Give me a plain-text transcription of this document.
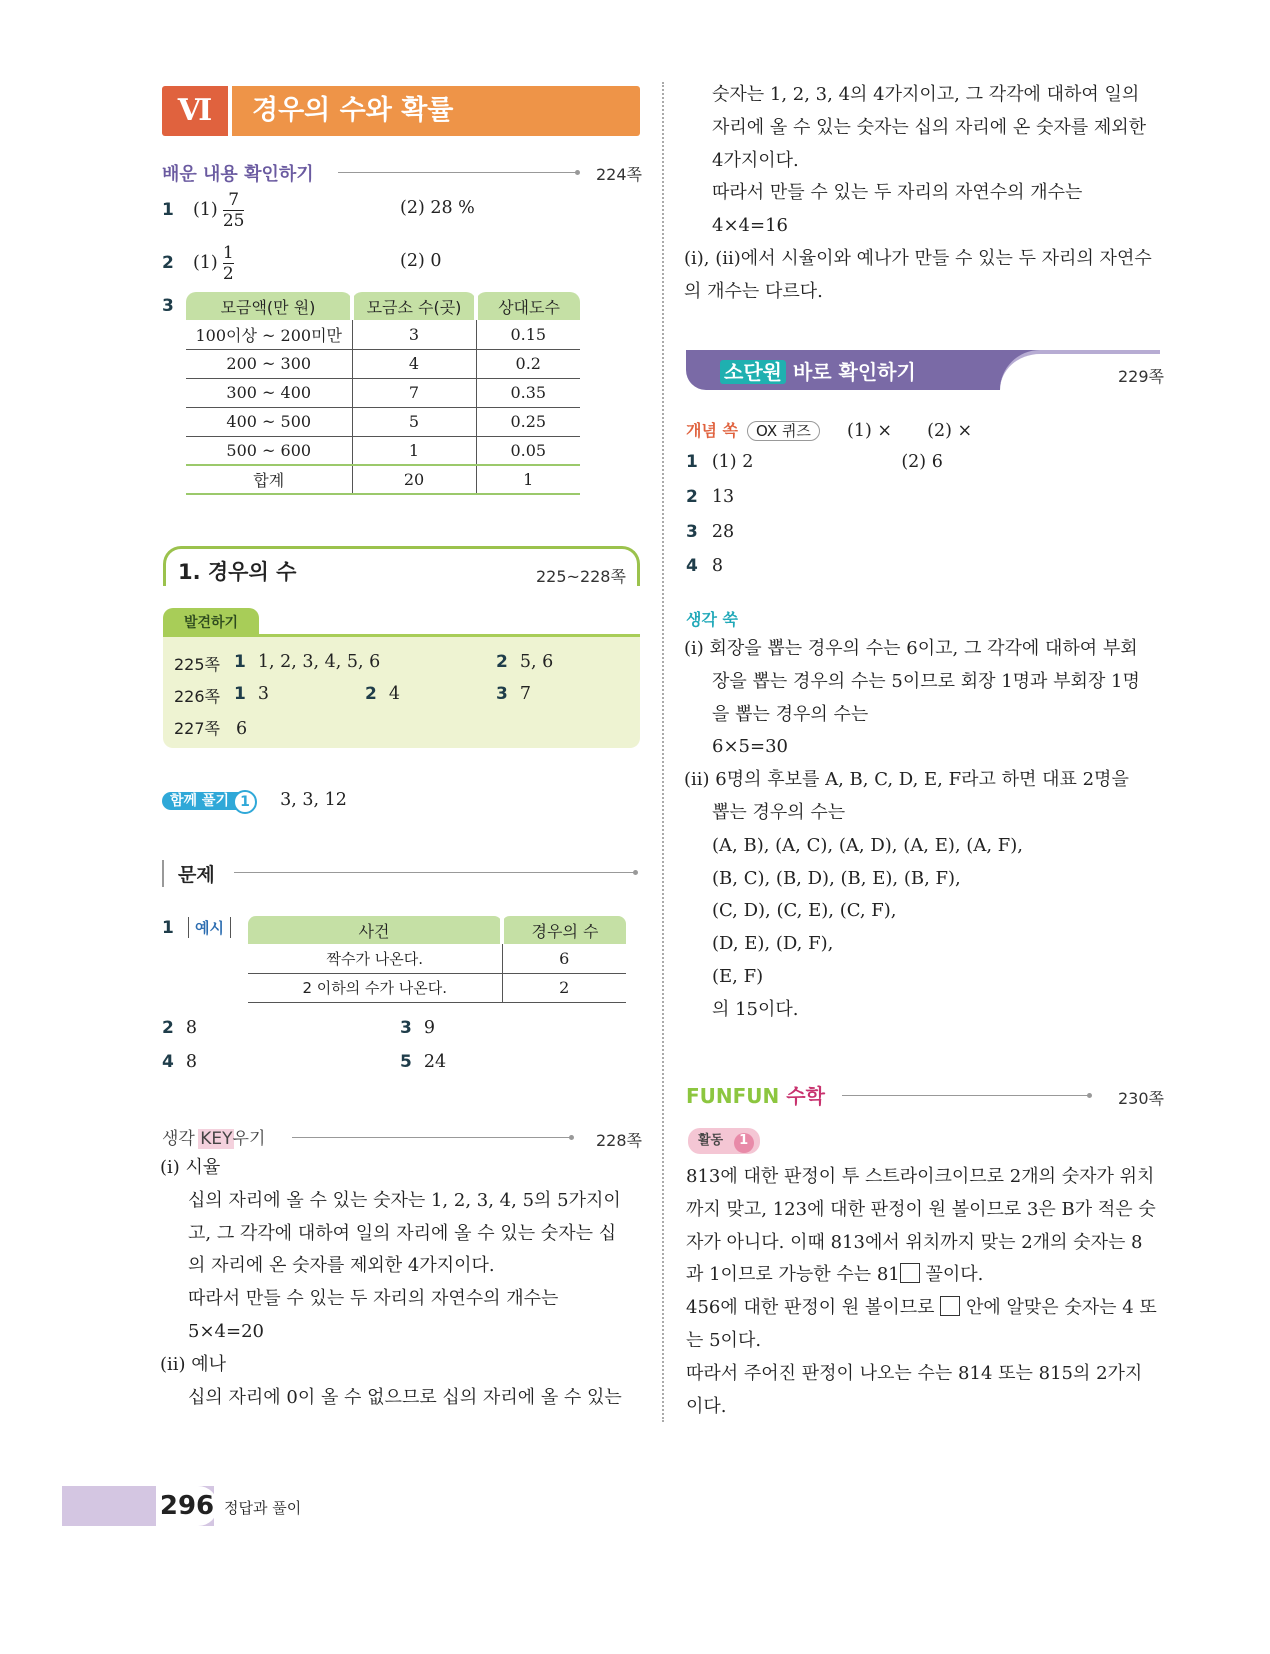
Ⅵ	경우의 수와 확률
배운 내용 확인하기	224쪽
1 $(1) \frac{7}{25}$	(2) 28 %
2 $(1) \frac{1}{2}$	(2) 0
3	모금액(만 원)	모금소 수(곳)	상대도수
100이상 ~ 200미만	3	0.15
200 ~ 300	4	0.2
300 ~ 400	7	0.35
400 ~ 500	5	0.25
500 ~ 600	1	0.05
합계	20	1
1. 경우의 수	225~228쪽
발견하기
225쪽 1 1, 2, 3, 4, 5, 6	2 5, 6
226쪽 1 3	2 4	3 7
227쪽 6
함께 풀기 1	3, 3, 12
문제
1	예시	사건	경우의 수
짝수가 나온다.	6
2 이하의 수가 나온다.	2
2 8	3 9
4 8	5 24
생각 KEY우기	228쪽
(i) 시율
십의 자리에 올 수 있는 숫자는 1, 2, 3, 4, 5의 5가지이
고, 그 각각에 대하여 일의 자리에 올 수 있는 숫자는 십
의 자리에 온 숫자를 제외한 4가지이다.
따라서 만들 수 있는 두 자리의 자연수의 개수는
5×4=20
(ii) 예나
십의 자리에 0이 올 수 없으므로 십의 자리에 올 수 있는
숫자는 1, 2, 3, 4의 4가지이고, 그 각각에 대하여 일의
자리에 올 수 있는 숫자는 십의 자리에 온 숫자를 제외한
4가지이다.
따라서 만들 수 있는 두 자리의 자연수의 개수는
4×4=16
(i), (ii)에서 시율이와 예나가 만들 수 있는 두 자리의 자연수
의 개수는 다르다.
소단원 바로 확인하기	229쪽
개념 쏙 OX 퀴즈 (1) × (2) ×
1 (1) 2	(2) 6
2 13
3 28
4 8
생각 쑥
(i) 회장을 뽑는 경우의 수는 6이고, 그 각각에 대하여 부회
장을 뽑는 경우의 수는 5이므로 회장 1명과 부회장 1명
을 뽑는 경우의 수는
6×5=30
(ii) 6명의 후보를 A, B, C, D, E, F라고 하면 대표 2명을
뽑는 경우의 수는
(A, B), (A, C), (A, D), (A, E), (A, F),
(B, C), (B, D), (B, E), (B, F),
(C, D), (C, E), (C, F),
(D, E), (D, F),
(E, F)
의 15이다.
FUNFUN 수학	230쪽
활동 1
813에 대한 판정이 투 스트라이크이므로 2개의 숫자가 위치
까지 맞고, 123에 대한 판정이 원 볼이므로 3은 B가 적은 숫
자가 아니다. 이때 813에서 위치까지 맞는 2개의 숫자는 8
과 1이므로 가능한 수는 81 꼴이다.
456에 대한 판정이 원 볼이므로  안에 알맞은 숫자는 4 또
는 5이다.
따라서 주어진 판정이 나오는 수는 814 또는 815의 2가지
이다.
296 정답과 풀이
